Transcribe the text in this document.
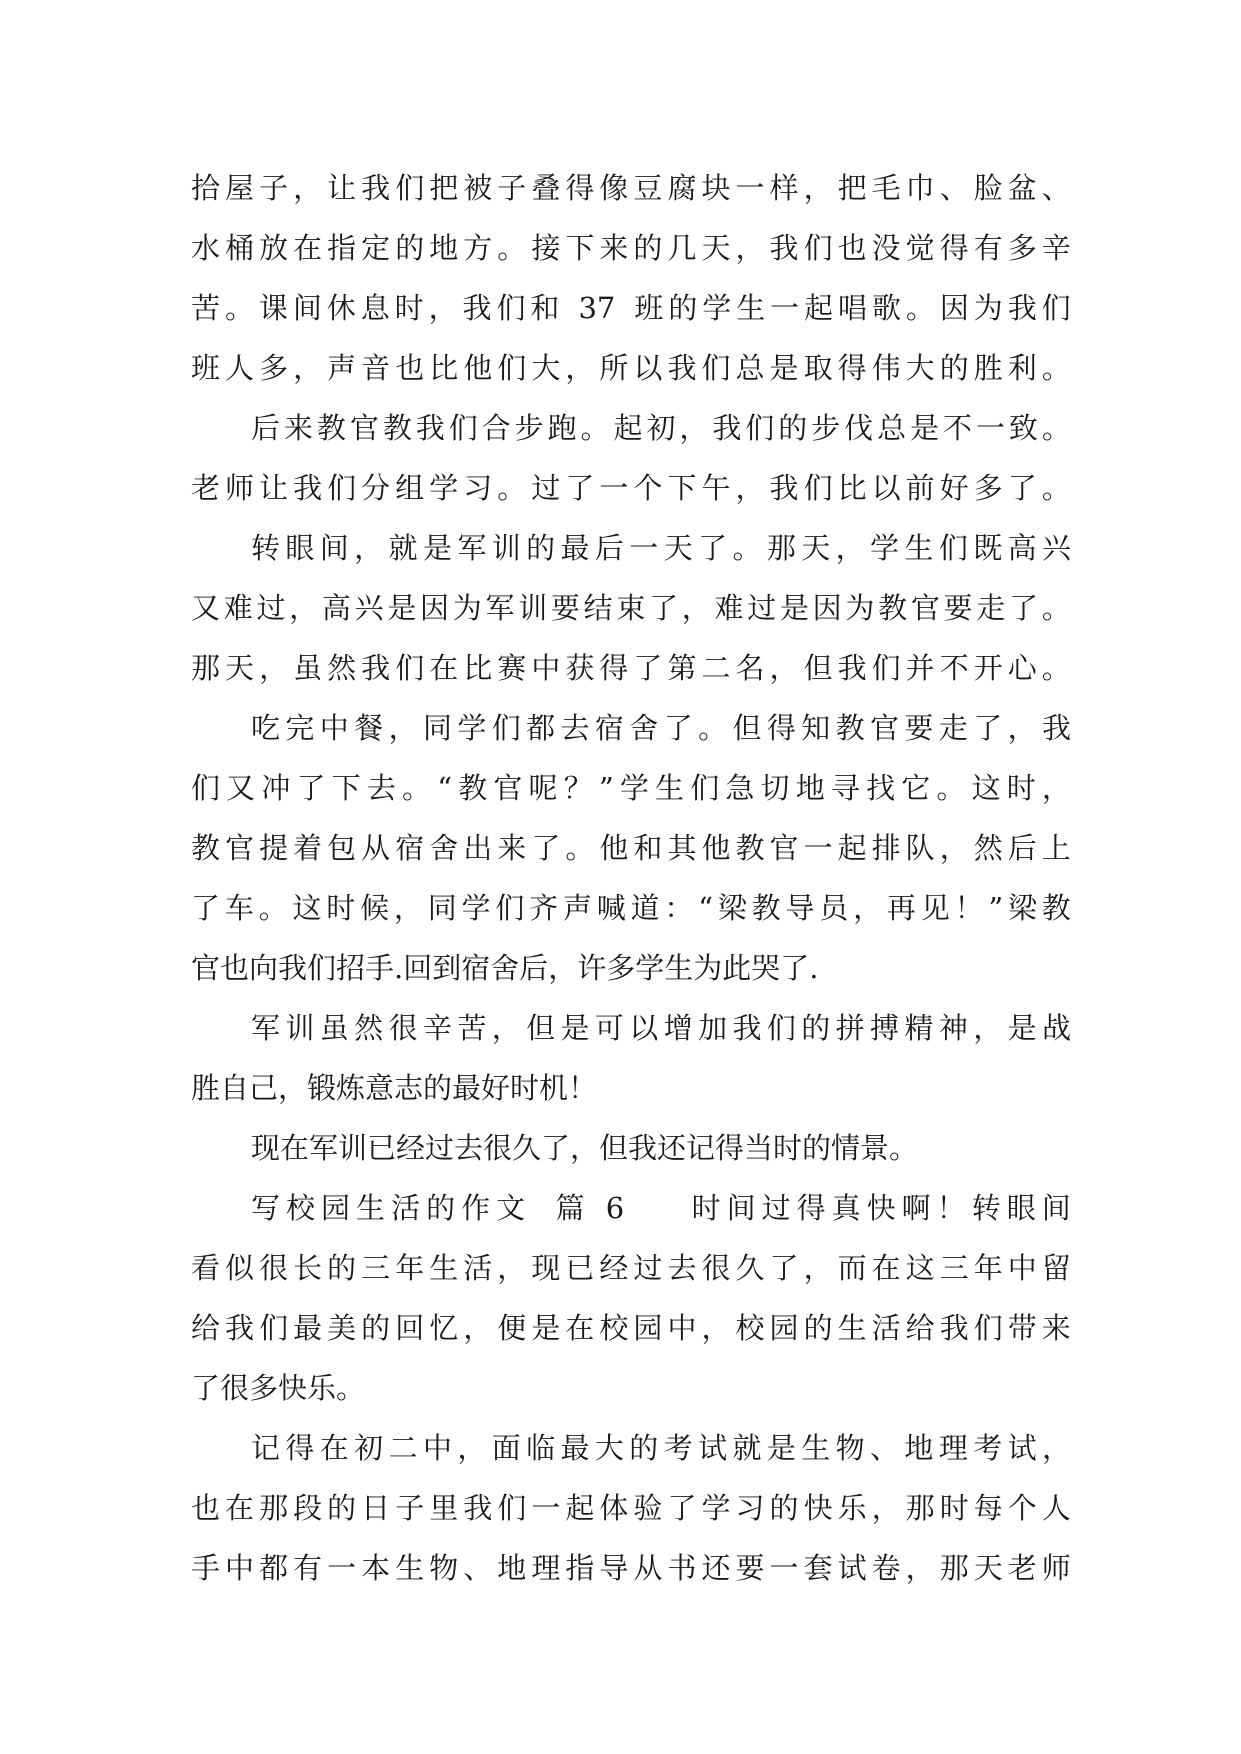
拾 屋 子 ， 让 我 们 把 被 子 叠 得 像 豆 腐 块 一 样 ， 把 毛 巾 、 脸 盆 、
水 桶 放 在 指 定 的 地 方 。 接 下 来 的 几 天 ， 我 们 也 没 觉 得 有 多 辛
苦 。 课 间 休 息 时 ， 我 们 和
37
班 的 学 生 一 起 唱 歌 。 因 为 我 们
班 人 多 ， 声 音 也 比 他 们 大 ， 所 以 我 们 总 是 取 得 伟 大 的 胜 利 。
后 来 教 官 教 我 们 合 步 跑 。 起 初 ， 我 们 的 步 伐 总 是 不 一 致 。
老 师 让 我 们 分 组 学 习 。 过 了 一 个 下 午 ， 我 们 比 以 前 好 多 了 。
转 眼 间 ， 就 是 军 训 的 最 后 一 天 了 。 那 天 ， 学 生 们 既 高 兴
又 难 过 ， 高 兴 是 因 为 军 训 要 结 束 了 ， 难 过 是 因 为 教 官 要 走 了 。
那 天 ， 虽 然 我 们 在 比 赛 中 获 得 了 第 二 名 ， 但 我 们 并 不 开 心 。
吃 完 中 餐 ， 同 学 们 都 去 宿 舍 了 。 但 得 知 教 官 要 走 了 ， 我
们 又 冲 了 下 去 。 “ 教 官 呢 ？ ” 学 生 们 急 切 地 寻 找 它 。 这 时 ，
教 官 提 着 包 从 宿 舍 出 来 了 。 他 和 其 他 教 官 一 起 排 队 ， 然 后 上
了 车 。 这 时 候 ， 同 学 们 齐 声 喊 道 ： “ 梁 教 导 员 ， 再 见 ！ ” 梁 教
官也向我们招手.回到宿舍后，许多学生为此哭了.
军 训 虽 然 很 辛 苦 ， 但 是 可 以 增 加 我 们 的 拼 搏 精 神 ， 是 战
胜自己，锻炼意志的最好时机！
现在军训已经过去很久了，但我还记得当时的情景。
写 校 园 生 活 的 作 文
篇
6
时 间 过 得 真 快 啊 ！ 转 眼 间
看 似 很 长 的 三 年 生 活 ， 现 已 经 过 去 很 久 了 ， 而 在 这 三 年 中 留
给 我 们 最 美 的 回 忆 ， 便 是 在 校 园 中 ， 校 园 的 生 活 给 我 们 带 来
了很多快乐。
记 得 在 初 二 中 ， 面 临 最 大 的 考 试 就 是 生 物 、 地 理 考 试 ，
也 在 那 段 的 日 子 里 我 们 一 起 体 验 了 学 习 的 快 乐 ， 那 时 每 个 人
手 中 都 有 一 本 生 物 、 地 理 指 导 从 书 还 要 一 套 试 卷 ， 那 天 老 师
